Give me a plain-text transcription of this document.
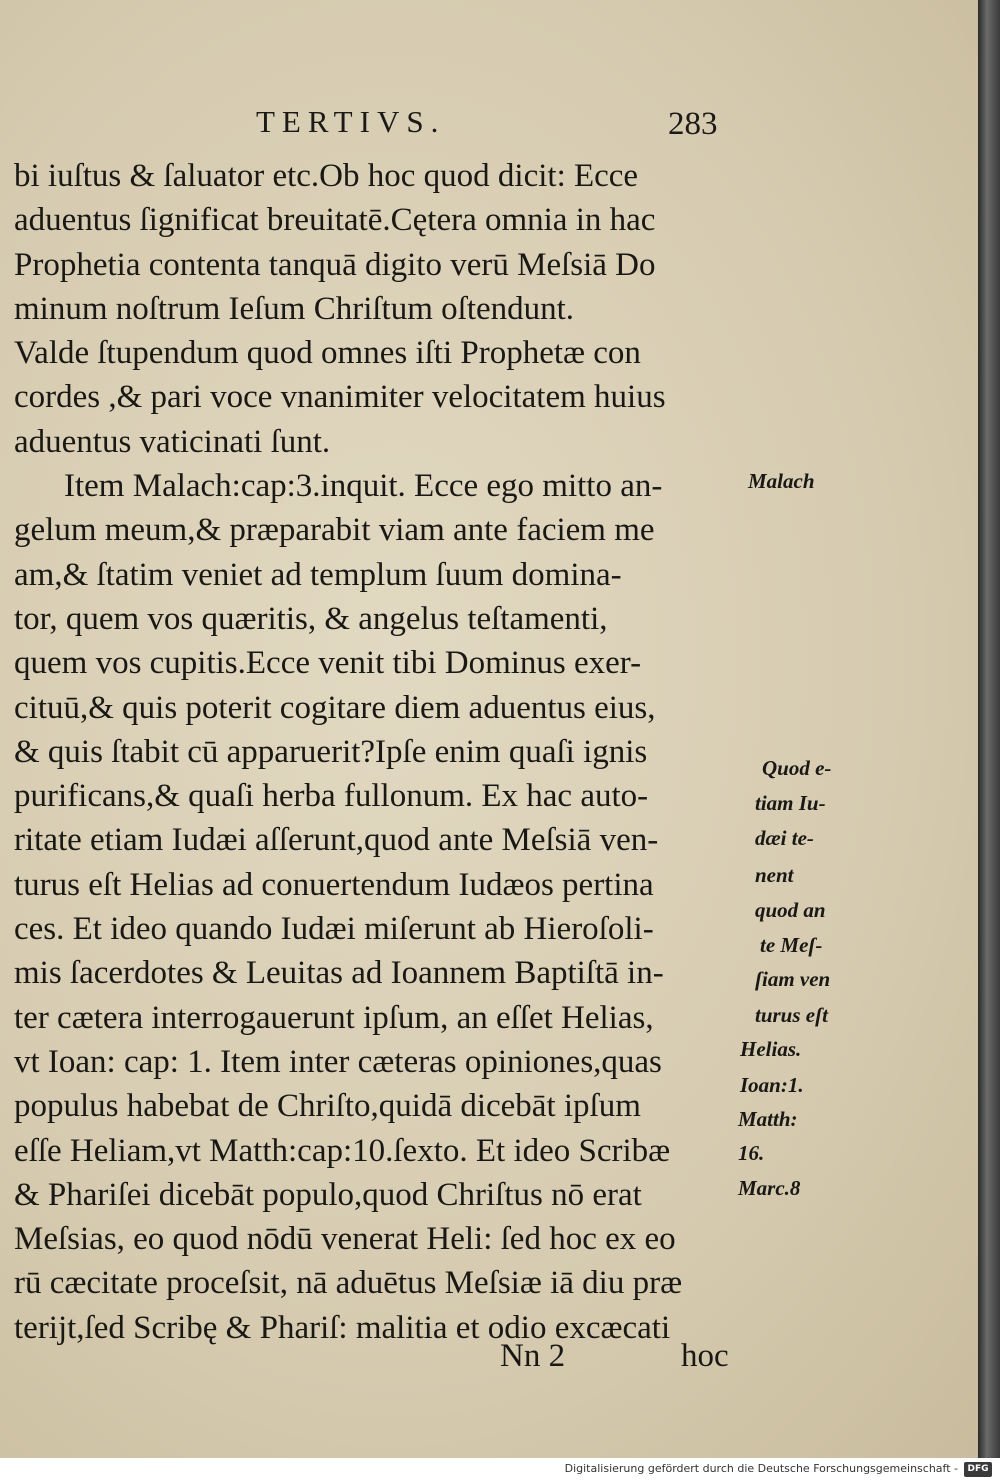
TERTIVS.	283
bi iuſtus & ſaluator etc.Ob hoc quod dicit: Ecce
aduentus ſignificat breuitatē.Cętera omnia in hac
Prophetia contenta tanquā digito verū Meſsiā Do
minum noſtrum Ieſum Chriſtum oſtendunt.
Valde ſtupendum quod omnes iſti Prophetæ con
cordes ,& pari voce vnanimiter velocitatem huius
aduentus vaticinati ſunt.
Item Malach:cap:3.inquit. Ecce ego mitto an-
gelum meum,& præparabit viam ante faciem me
am,& ſtatim veniet ad templum ſuum domina-
tor, quem vos quæritis, & angelus teſtamenti,
quem vos cupitis.Ecce venit tibi Dominus exer-
cituū,& quis poterit cogitare diem aduentus eius,
& quis ſtabit cū apparuerit?Ipſe enim quaſi ignis
purificans,& quaſi herba fullonum. Ex hac auto-
ritate etiam Iudæi aſſerunt,quod ante Meſsiā ven-
turus eſt Helias ad conuertendum Iudæos pertina
ces. Et ideo quando Iudæi miſerunt ab Hieroſoli-
mis ſacerdotes & Leuitas ad Ioannem Baptiſtā in-
ter cætera interrogauerunt ipſum, an eſſet Helias,
vt Ioan: cap: 1. Item inter cæteras opiniones,quas
populus habebat de Chriſto,quidā dicebāt ipſum
eſſe Heliam,vt Matth:cap:10.ſexto. Et ideo Scribæ
& Phariſei dicebāt populo,quod Chriſtus nō erat
Meſsias, eo quod nōdū venerat Heli: ſed hoc ex eo
rū cæcitate proceſsit, nā aduētus Meſsiæ iā diu præ
terijt,ſed Scribę & Phariſ: malitia et odio excæcati
Malach
Quod e-
tiam Iu-
dæi te-
nent
quod an
te Meſ-
ſiam ven
turus eſt
Helias.
Ioan:1.
Matth:
16.
Marc.8
Nn 2	hoc
Digitalisierung gefördert durch die Deutsche Forschungsgemeinschaft -	DFG
